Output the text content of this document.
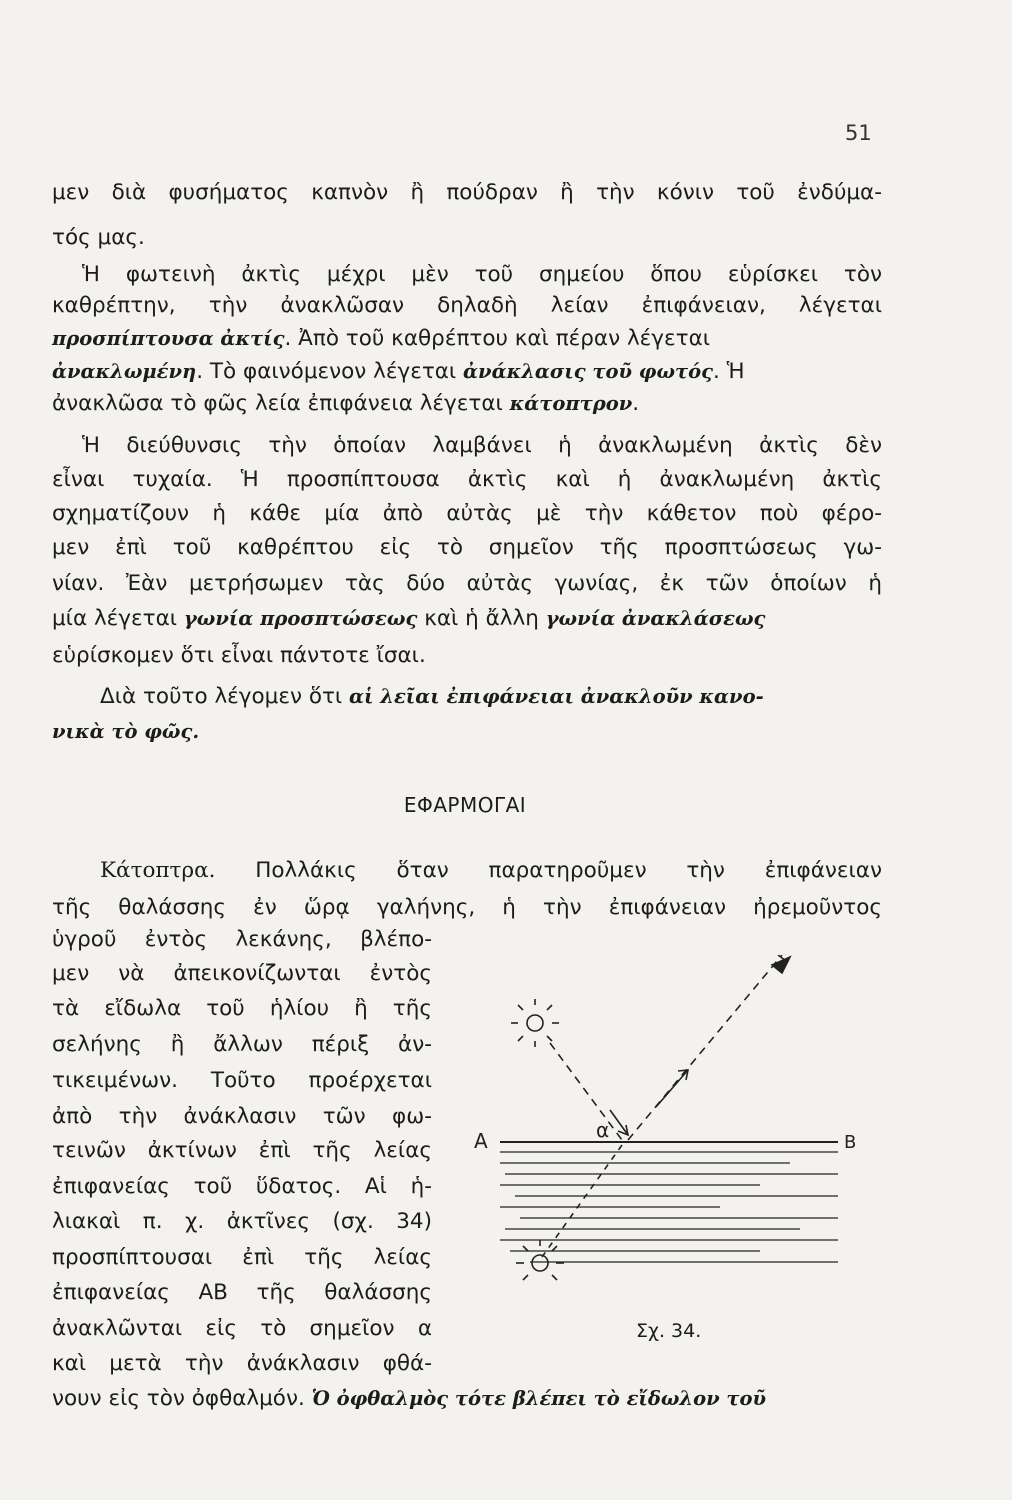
51
μεν διὰ φυσήματος καπνὸν ἢ πούδραν ἢ τὴν κόνιν τοῦ ἐνδύμα-
τός μας.
Ἡ φωτεινὴ ἀκτὶς μέχρι μὲν τοῦ σημείου ὅπου εὑρίσκει τὸν
καθρέπτην, τὴν ἀνακλῶσαν δηλαδὴ λείαν ἐπιφάνειαν, λέγεται
προσπίπτουσα ἀκτίς. Ἀπὸ τοῦ καθρέπτου καὶ πέραν λέγεται
ἀνακλωμένη. Τὸ φαινόμενον λέγεται ἀνάκλασις τοῦ φωτός. Ἡ
ἀνακλῶσα τὸ φῶς λεία ἐπιφάνεια λέγεται κάτοπτρον.
Ἡ διεύθυνσις τὴν ὁποίαν λαμβάνει ἡ ἀνακλωμένη ἀκτὶς δὲν
εἶναι τυχαία. Ἡ προσπίπτουσα ἀκτὶς καὶ ἡ ἀνακλωμένη ἀκτὶς
σχηματίζουν ἡ κάθε μία ἀπὸ αὐτὰς μὲ τὴν κάθετον ποὺ φέρο-
μεν ἐπὶ τοῦ καθρέπτου εἰς τὸ σημεῖον τῆς προσπτώσεως γω-
νίαν. Ἐὰν μετρήσωμεν τὰς δύο αὐτὰς γωνίας, ἐκ τῶν ὁποίων ἡ
μία λέγεται γωνία προσπτώσεως καὶ ἡ ἄλλη γωνία ἀνακλάσεως
εὑρίσκομεν ὅτι εἶναι πάντοτε ἴσαι.
Διὰ τοῦτο λέγομεν ὅτι αἱ λεῖαι ἐπιφάνειαι ἀνακλοῦν κανο-
νικὰ τὸ φῶς.
ΕΦΑΡΜΟΓΑΙ
Κάτοπτρα. Πολλάκις ὅταν παρατηροῦμεν τὴν ἐπιφάνειαν
τῆς θαλάσσης ἐν ὥρᾳ γαλήνης, ἡ τὴν ἐπιφάνειαν ἠρεμοῦντος
ὑγροῦ ἐντὸς λεκάνης, βλέπο-
μεν νὰ ἀπεικονίζωνται ἐντὸς
τὰ εἴδωλα τοῦ ἡλίου ἢ τῆς
σελήνης ἢ ἄλλων πέριξ ἀν-
τικειμένων. Τοῦτο προέρχεται
ἀπὸ τὴν ἀνάκλασιν τῶν φω-
τεινῶν ἀκτίνων ἐπὶ τῆς λείας
ἐπιφανείας τοῦ ὕδατος. Αἱ ἡ-
λιακαὶ π. χ. ἀκτῖνες (σχ. 34)
προσπίπτουσαι ἐπὶ τῆς λείας
ἐπιφανείας ΑΒ τῆς θαλάσσης
ἀνακλῶνται εἰς τὸ σημεῖον α
καὶ μετὰ τὴν ἀνάκλασιν φθά-
νουν εἰς τὸν ὀφθαλμόν. Ὁ ὀφθαλμὸς τότε βλέπει τὸ εἴδωλον τοῦ
Α	Β
α
Σχ. 34.
